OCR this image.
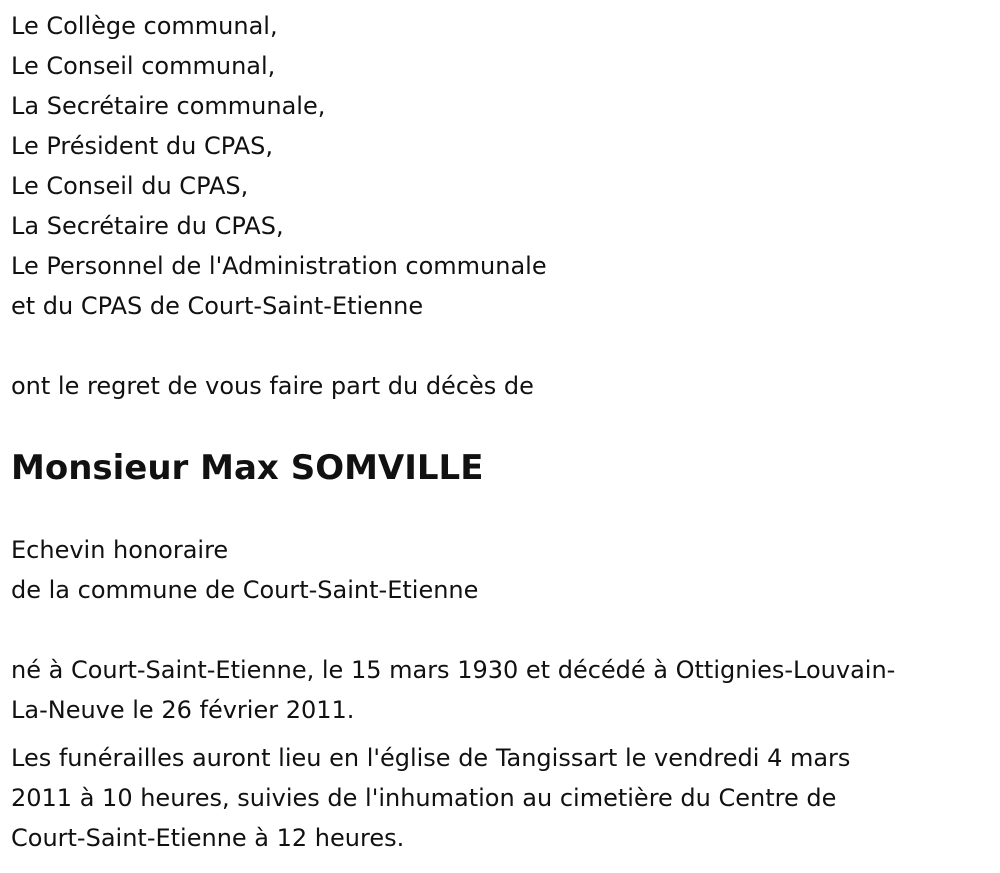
Le Collège communal,
Le Conseil communal,
La Secrétaire communale,
Le Président du CPAS,
Le Conseil du CPAS,
La Secrétaire du CPAS,
Le Personnel de l'Administration communale
et du CPAS de Court-Saint-Etienne
ont le regret de vous faire part du décès de
Monsieur Max SOMVILLE
Echevin honoraire
de la commune de Court-Saint-Etienne
né à Court-Saint-Etienne, le 15 mars 1930 et décédé à Ottignies-Louvain-
La-Neuve le 26 février 2011.
Les funérailles auront lieu en l'église de Tangissart le vendredi 4 mars
2011 à 10 heures, suivies de l'inhumation au cimetière du Centre de
Court-Saint-Etienne à 12 heures.
